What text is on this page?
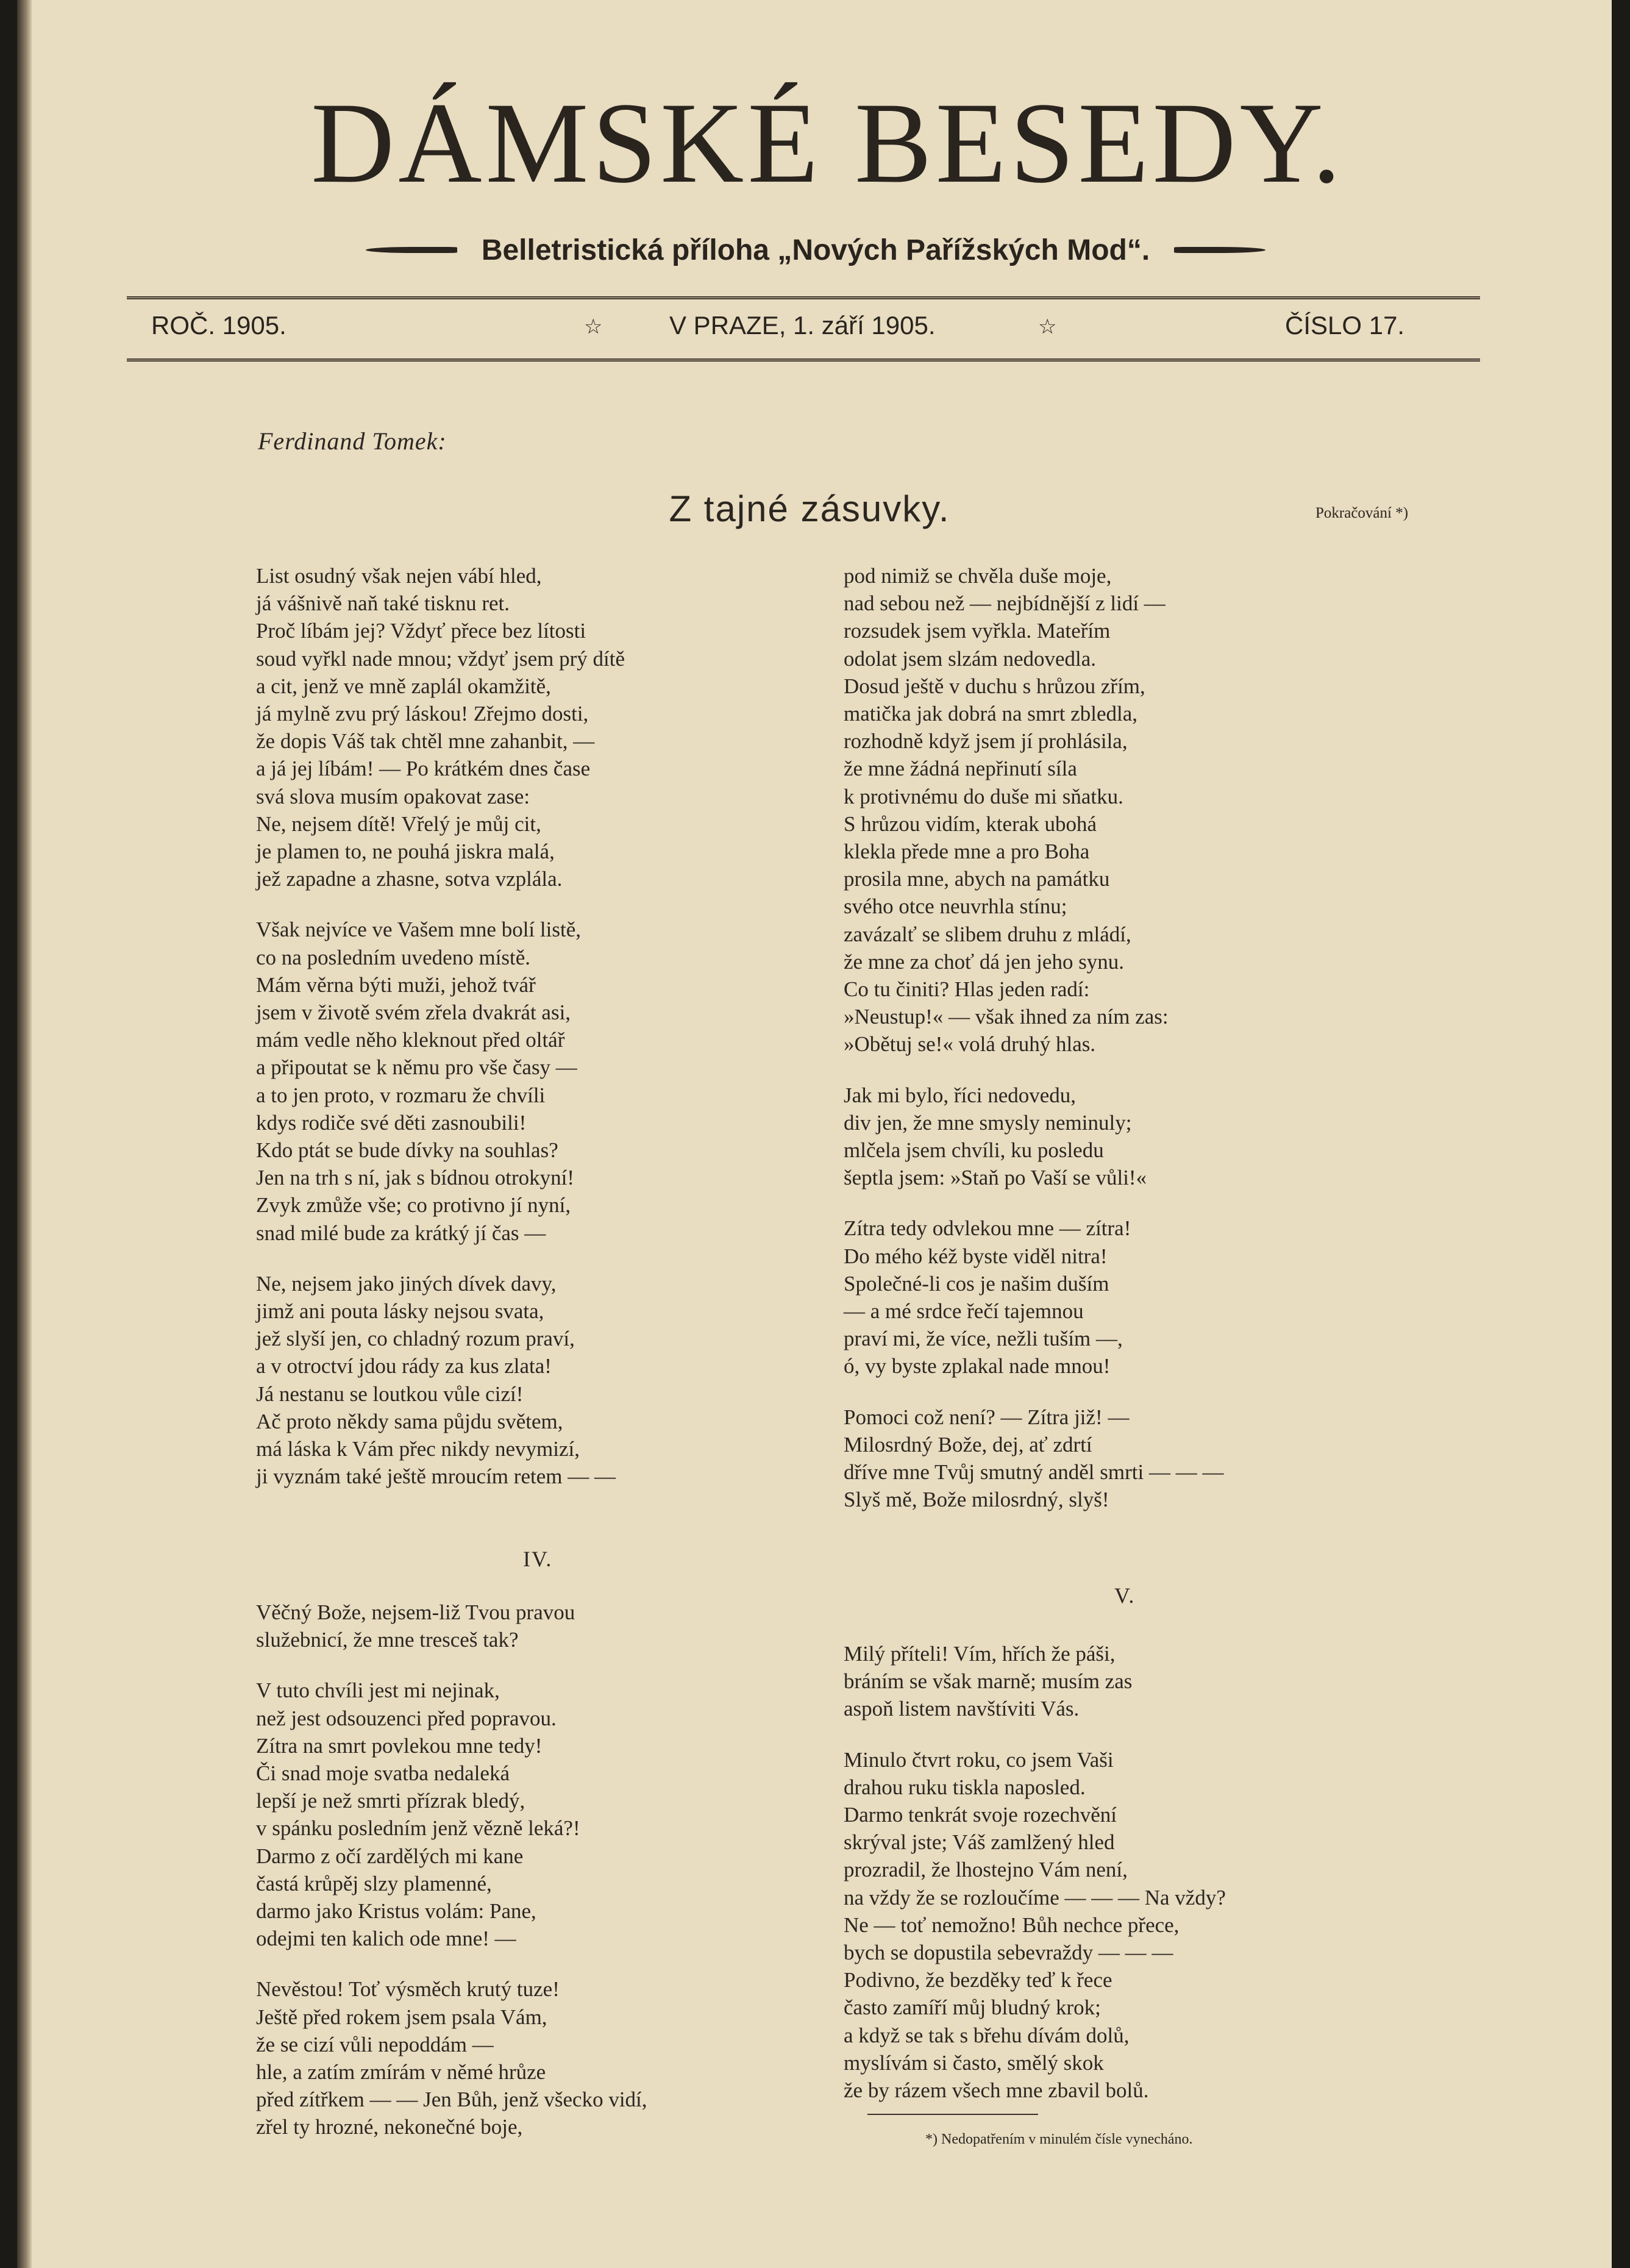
DÁMSKÉ BESEDY.
Belletristická příloha „Nových Pařížských Mod“.
ROČ. 1905.	☆	V PRAZE, 1. září 1905.	☆	ČÍSLO 17.
Ferdinand Tomek:
Z tajné zásuvky.	Pokračování *)

List osudný však nejen vábí hled,

já vášnivě naň také tisknu ret.

Proč líbám jej? Vždyť přece bez lítosti

soud vyřkl nade mnou; vždyť jsem prý dítě

a cit, jenž ve mně zaplál okamžitě,

já mylně zvu prý láskou! Zřejmo dosti,

že dopis Váš tak chtěl mne zahanbit, —

a já jej líbám! — Po krátkém dnes čase

svá slova musím opakovat zase:

Ne, nejsem dítě! Vřelý je můj cit,

je plamen to, ne pouhá jiskra malá,

jež zapadne a zhasne, sotva vzplála.

Však nejvíce ve Vašem mne bolí listě,

co na posledním uvedeno místě.

Mám věrna býti muži, jehož tvář

jsem v životě svém zřela dvakrát asi,

mám vedle něho kleknout před oltář

a připoutat se k němu pro vše časy —

a to jen proto, v rozmaru že chvíli

kdys rodiče své děti zasnoubili!

Kdo ptát se bude dívky na souhlas?

Jen na trh s ní, jak s bídnou otrokyní!

Zvyk zmůže vše; co protivno jí nyní,

snad milé bude za krátký jí čas —

Ne, nejsem jako jiných dívek davy,

jimž ani pouta lásky nejsou svata,

jež slyší jen, co chladný rozum praví,

a v otroctví jdou rády za kus zlata!

Já nestanu se loutkou vůle cizí!

Ač proto někdy sama půjdu světem,

má láska k Vám přec nikdy nevymizí,

ji vyznám také ještě mroucím retem — —

IV.

Věčný Bože, nejsem-liž Tvou pravou

služebnicí, že mne trescеš tak?

V tuto chvíli jest mi nejinak,

než jest odsouzenci před popravou.

Zítra na smrt povlekou mne tedy!

Či snad moje svatba nedaleká

lepší je než smrti přízrak bledý,

v spánku posledním jenž vězně leká?!

Darmo z očí zardělých mi kane

častá krůpěj slzy plamenné,

darmo jako Kristus volám: Pane,

odejmi ten kalich ode mne! —

Nevěstou! Toť výsměch krutý tuze!

Ještě před rokem jsem psala Vám,

že se cizí vůli nepoddám —

hle, a zatím zmírám v němé hrůze

před zítřkem — — Jen Bůh, jenž všecko vidí,

zřel ty hrozné, nekonečné boje,

pod nimiž se chvěla duše moje,

nad sebou než — nejbídnější z lidí —

rozsudek jsem vyřkla. Mateřím

odolat jsem slzám nedovedla.

Dosud ještě v duchu s hrůzou zřím,

matička jak dobrá na smrt zbledla,

rozhodně když jsem jí prohlásila,

že mne žádná nepřinutí síla

k protivnému do duše mi sňatku.

S hrůzou vidím, kterak ubohá

klekla přede mne a pro Boha

prosila mne, abych na památku

svého otce neuvrhla stínu;

zavázalť se slibem druhu z mládí,

že mne za choť dá jen jeho synu.

Co tu činiti? Hlas jeden radí:

»Neustup!« — však ihned za ním zas:

»Obětuj se!« volá druhý hlas.

Jak mi bylo, říci nedovedu,

div jen, že mne smysly neminuly;

mlčela jsem chvíli, ku posledu

šeptla jsem: »Staň po Vaší se vůli!«

Zítra tedy odvlekou mne — zítra!

Do mého kéž byste viděl nitra!

Společné-li cos je našim duším

— a mé srdce řečí tajemnou

praví mi, že více, nežli tuším —,

ó, vy byste zplakal nade mnou!

Pomoci což není? — Zítra již! —

Milosrdný Bože, dej, ať zdrtí

dříve mne Tvůj smutný anděl smrti — — —

Slyš mě, Bože milosrdný, slyš!

V.

Milý příteli! Vím, hřích že páši,

bráním se však marně; musím zas

aspoň listem navštíviti Vás.

Minulo čtvrt roku, co jsem Vaši

drahou ruku tiskla naposled.

Darmo tenkrát svoje rozechvění

skrýval jste; Váš zamlžený hled

prozradil, že lhostejno Vám není,

na vždy že se rozloučíme — — — Na vždy?

Ne — toť nemožno! Bůh nechce přece,

bych se dopustila sebevraždy — — —

Podivno, že bezděky teď k řece

často zamíří můj bludný krok;

a když se tak s břehu dívám dolů,

myslívám si často, smělý skok

že by rázem všech mne zbavil bolů.

*) Nedopatřením v minulém čísle vynecháno.
